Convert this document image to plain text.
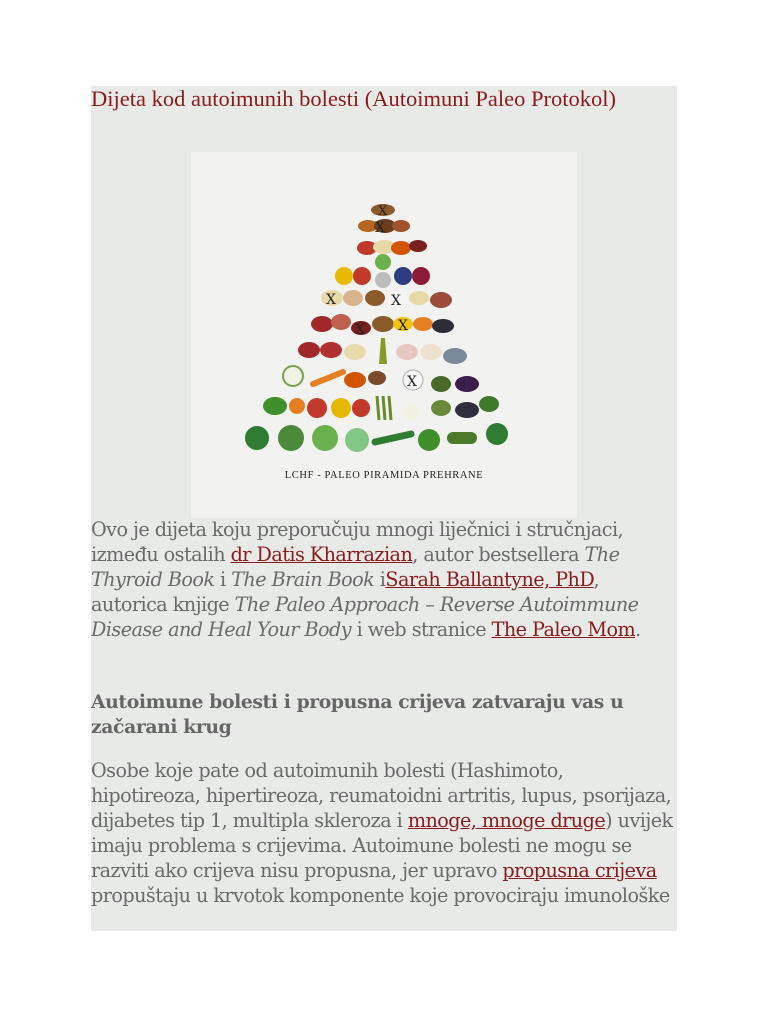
Dijeta kod autoimunih bolesti (Autoimuni Paleo Protokol)
X
X
X	X
X X
X
LCHF - PALEO PIRAMIDA PREHRANE

Ovo je dijeta koju preporučuju mnogi liječnici i stručnjaci, između ostalih dr Datis Kharrazian, autor bestsellera The Thyroid Book i The Brain Book iSarah Ballantyne, PhD, autorica knjige The Paleo Approach – Reverse Autoimmune Disease and Heal Your Body i web stranice The Paleo Mom.

Autoimune bolesti i propusna crijeva zatvaraju vas u začarani krug

Osobe koje pate od autoimunih bolesti (Hashimoto, hipotireoza, hipertireoza, reumatoidni artritis, lupus, psorijaza, dijabetes tip 1, multipla skleroza i mnoge, mnoge druge) uvijek imaju problema s crijevima. Autoimune bolesti ne mogu se razviti ako crijeva nisu propusna, jer upravo propusna crijeva propuštaju u krvotok komponente koje provociraju imunološke
